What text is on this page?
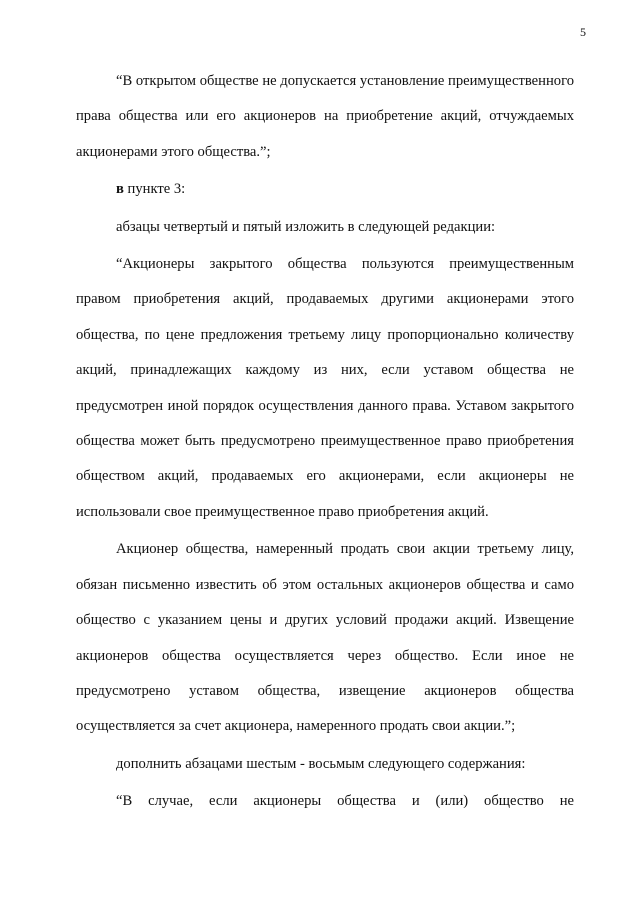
5

“В открытом обществе не допускается установление преимущественного права общества или его акционеров на приобретение акций, отчуждаемых акционерами этого общества.”;

в пункте 3:

абзацы четвертый и пятый изложить в следующей редакции:

“Акционеры закрытого общества пользуются преимущественным правом приобретения акций, продаваемых другими акционерами этого общества, по цене предложения третьему лицу пропорционально количеству акций, принадлежащих каждому из них, если уставом общества не предусмотрен иной порядок осуществления данного права. Уставом закрытого общества может быть предусмотрено преимущественное право приобретения обществом акций, продаваемых его акционерами, если акционеры не использовали свое преимущественное право приобретения акций.

Акционер общества, намеренный продать свои акции третьему лицу, обязан письменно известить об этом остальных акционеров общества и само общество с указанием цены и других условий продажи акций. Извещение акционеров общества осуществляется через общество. Если иное не предусмотрено уставом общества, извещение акционеров общества осуществляется за счет акционера, намеренного продать свои акции.”;

дополнить абзацами шестым - восьмым следующего содержания:

“В случае, если акционеры общества и (или) общество не
